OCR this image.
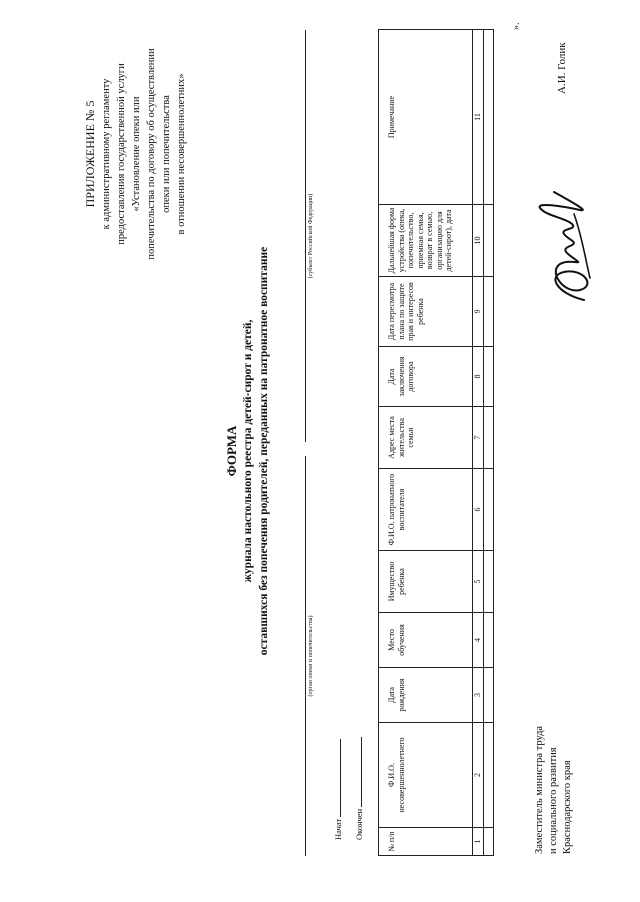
ПРИЛОЖЕНИЕ № 5 к административному регламенту предоставления государственной услуги «Установление опеки или попечительства по договору об осуществлении опеки или попечительства в отношении несовершеннолетних»
ФОРМА журнала настольного реестра детей-сирот и детей, оставшихся без попечения родителей, переданных на патронатное воспитание
(орган опеки и попечительства)
(субъект Российской Федерации)
Начат Окончен
№ п/п	Ф.И.О. несовершеннолетнего	Дата рождения	Место обучения	Имущество ребенка	Ф.И.О. патронатного воспитателя	Адрес места жительства семьи	Дата заключения договора	Дата пересмотра плана по защите прав и интересов ребенка	Дальнейшая форма устройства (опека, попечительство, приемная семья, возврат в семью, организацию для детей-сирот), дата	Примечание
1	2	3	4	5	6	7	8	9	10	11

Заместитель министра труда и социального развития Краснодарского края
А.И. Голик
».
